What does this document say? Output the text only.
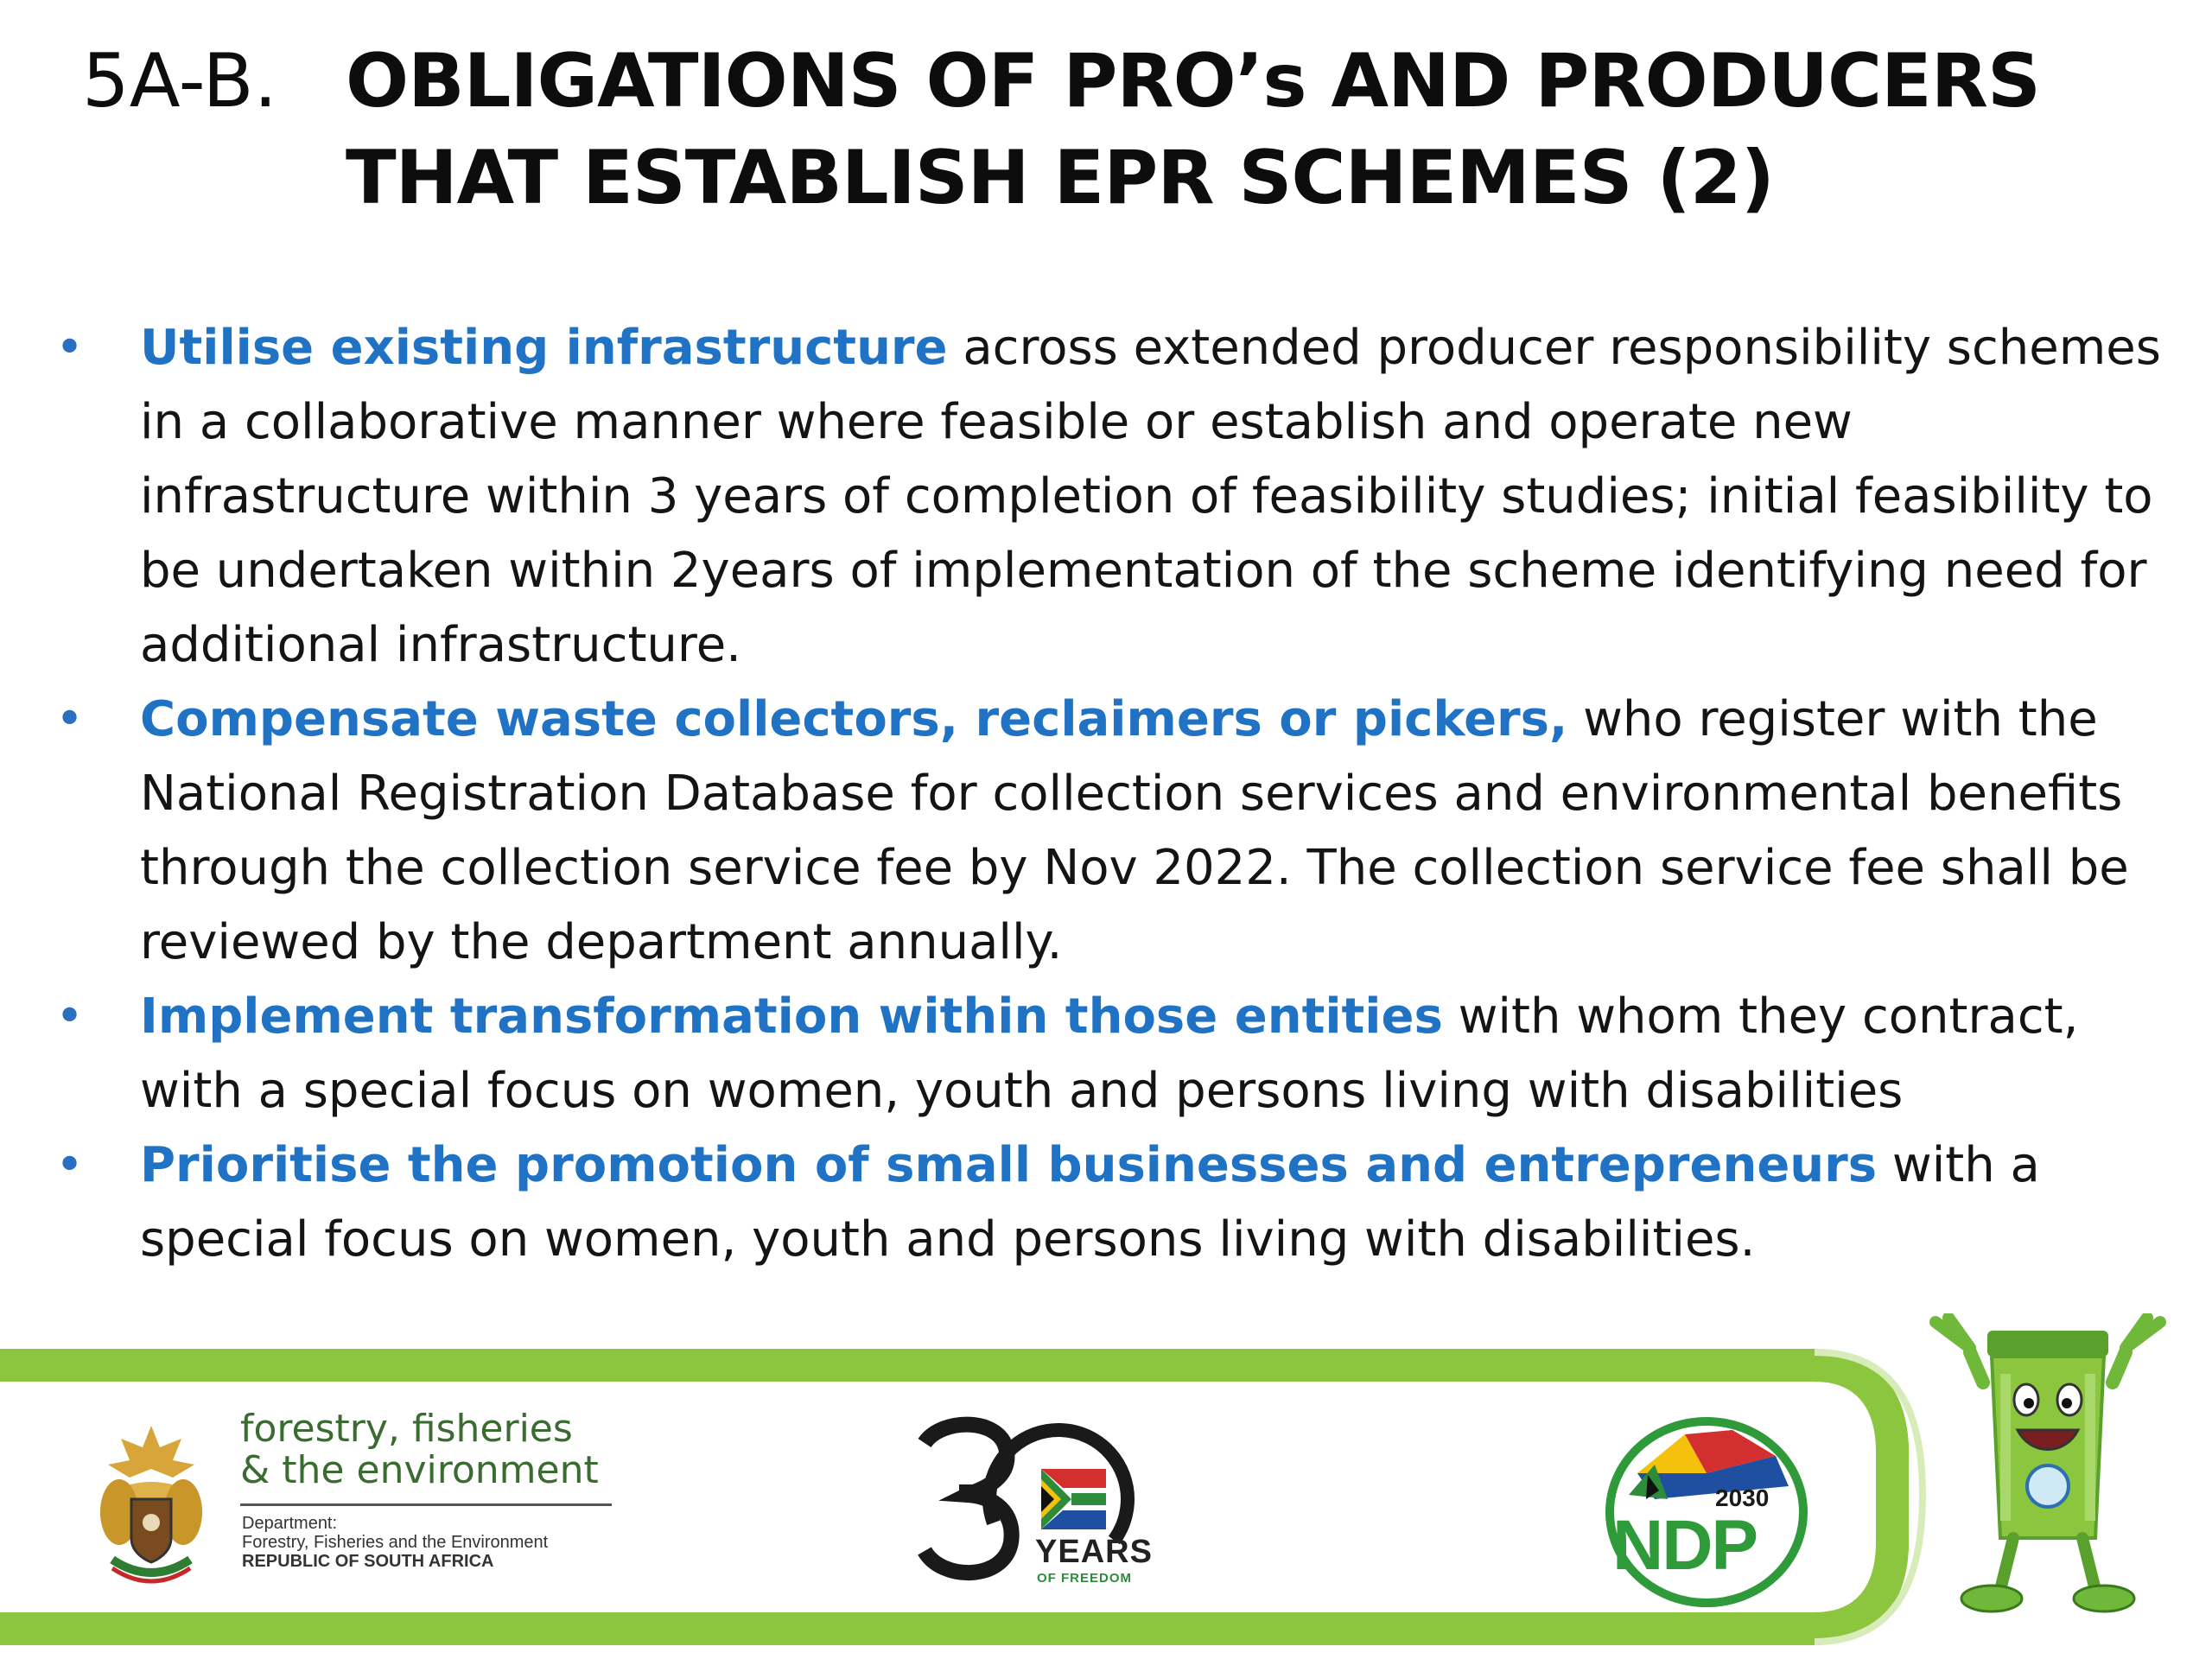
5A-B. OBLIGATIONS OF PRO’s AND PRODUCERS
THAT ESTABLISH EPR SCHEMES (2)
• Utilise existing infrastructure across extended producer responsibility schemes in a collaborative manner where feasible or establish and operate new infrastructure within 3 years of completion of feasibility studies; initial feasibility to be undertaken within 2years of implementation of the scheme identifying need for additional infrastructure.
• Compensate waste collectors, reclaimers or pickers, who register with the National Registration Database for collection services and environmental benefits through the collection service fee by Nov 2022. The collection service fee shall be reviewed by the department annually.
• Implement transformation within those entities with whom they contract, with a special focus on women, youth and persons living with disabilities
• Prioritise the promotion of small businesses and entrepreneurs with a special focus on women, youth and persons living with disabilities.
YEARS
OF FREEDOM
2030
NDP
forestry, fisheries
& the environment
Department:
Forestry, Fisheries and the Environment
REPUBLIC OF SOUTH AFRICA
